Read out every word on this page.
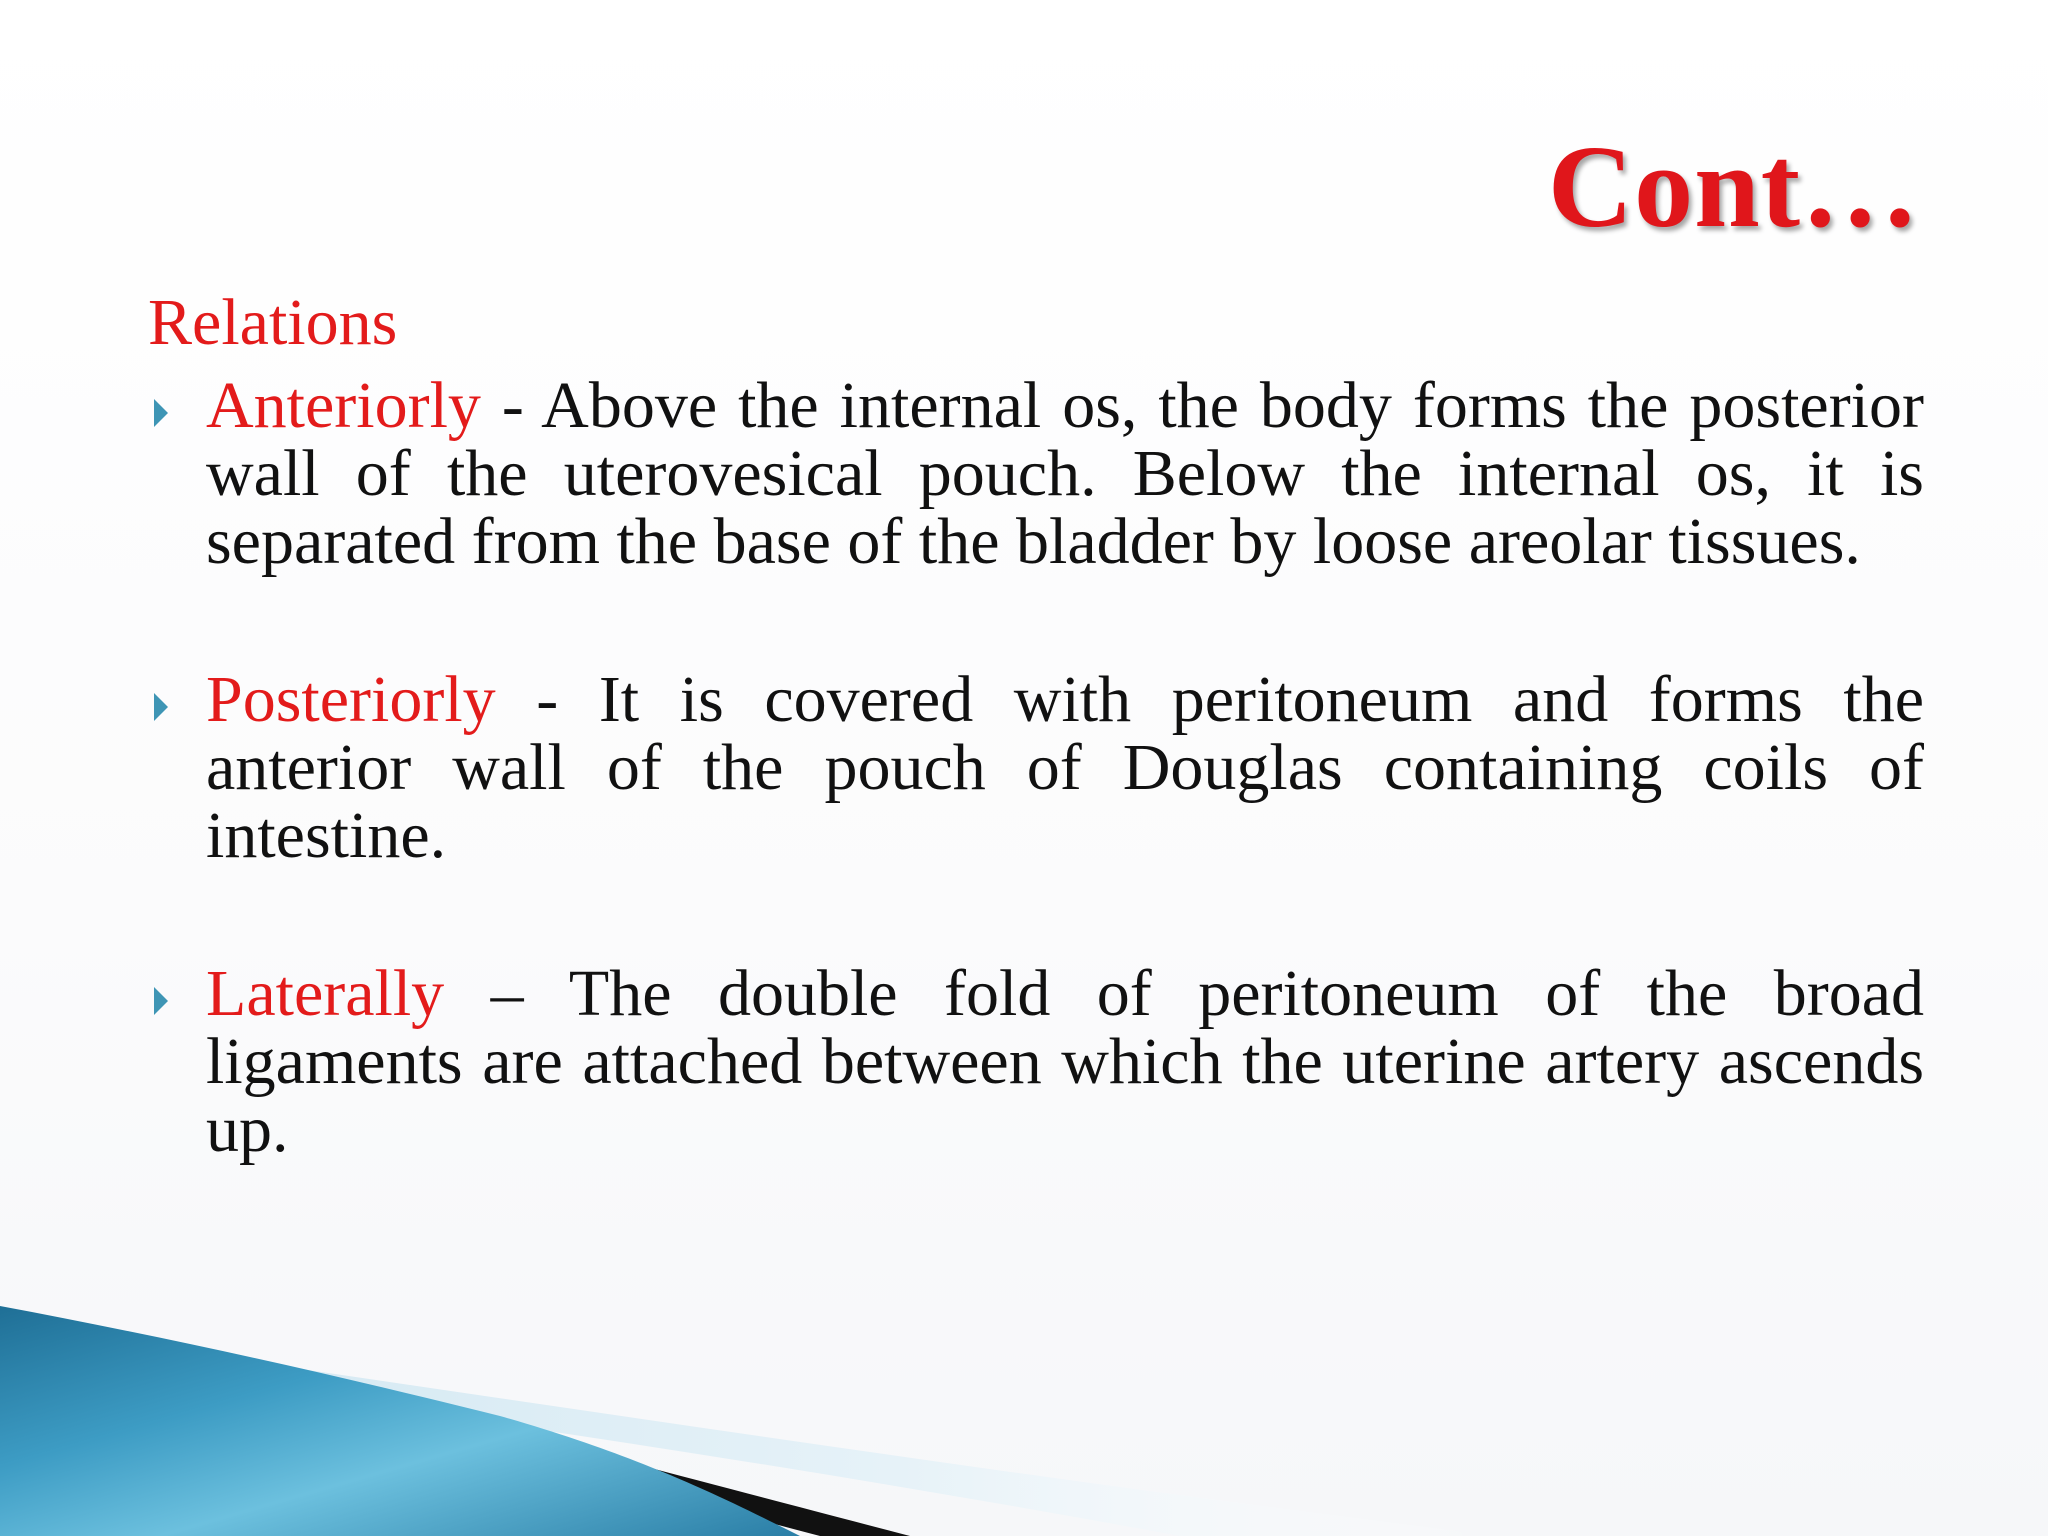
Cont…
Relations
Anteriorly - Above the internal os, the body forms the posterior wall of the uterovesical pouch. Below the internal os, it is separated from the base of the bladder by loose areolar tissues.
Posteriorly - It is covered with peritoneum and forms the anterior wall of the pouch of Douglas containing coils of intestine.
Laterally – The double fold of peritoneum of the broad ligaments are attached between which the uterine artery ascends up.
